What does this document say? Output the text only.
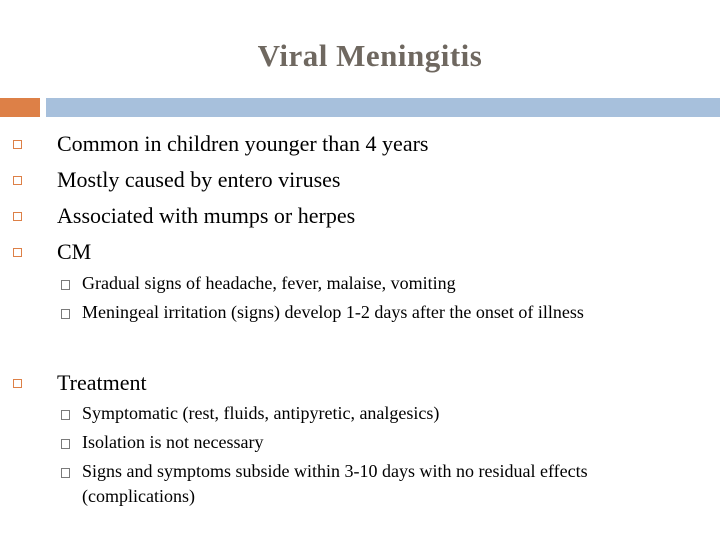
Viral Meningitis
Common in children younger than 4 years
Mostly caused by entero viruses
Associated with mumps or herpes
CM
Gradual signs of headache, fever, malaise, vomiting
Meningeal irritation (signs) develop 1-2 days after the onset of illness
Treatment
Symptomatic (rest, fluids, antipyretic, analgesics)
Isolation is not necessary
Signs and symptoms subside within 3-10 days with no residual effects
(complications)
